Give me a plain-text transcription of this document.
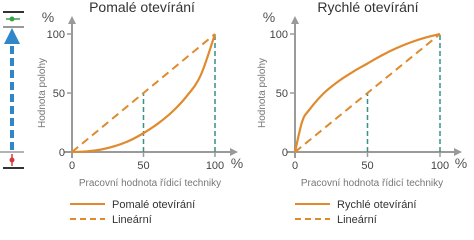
Pomalé otevírání
%
%
Hodnota polohy
Pracovní hodnota řídicí techniky
0
50
100
0	50	100
Pomalé otevírání
Lineární
Rychlé otevírání
%
%
Hodnota polohy
Pracovní hodnota řídicí techniky
0
50
100
0	50	100
Rychlé otevírání
Lineární
